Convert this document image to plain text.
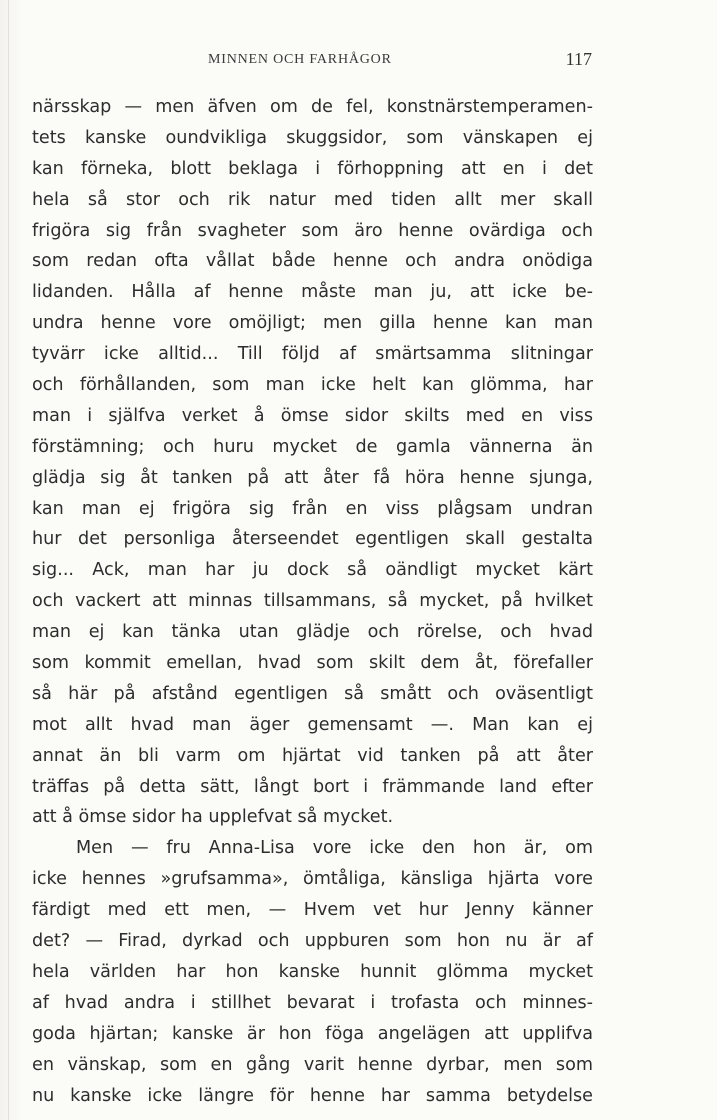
MINNEN OCH FARHÅGOR	117
närsskap — men äfven om de fel, konstnärstemperamen-
tets kanske oundvikliga skuggsidor, som vänskapen ej
kan förneka, blott beklaga i förhoppning att en i det
hela så stor och rik natur med tiden allt mer skall
frigöra sig från svagheter som äro henne ovärdiga och
som redan ofta vållat både henne och andra onödiga
lidanden. Hålla af henne måste man ju, att icke be-
undra henne vore omöjligt; men gilla henne kan man
tyvärr icke alltid... Till följd af smärtsamma slitningar
och förhållanden, som man icke helt kan glömma, har
man i själfva verket å ömse sidor skilts med en viss
förstämning; och huru mycket de gamla vännerna än
glädja sig åt tanken på att åter få höra henne sjunga,
kan man ej frigöra sig från en viss plågsam undran
hur det personliga återseendet egentligen skall gestalta
sig... Ack, man har ju dock så oändligt mycket kärt
och vackert att minnas tillsammans, så mycket, på hvilket
man ej kan tänka utan glädje och rörelse, och hvad
som kommit emellan, hvad som skilt dem åt, förefaller
så här på afstånd egentligen så smått och oväsentligt
mot allt hvad man äger gemensamt —. Man kan ej
annat än bli varm om hjärtat vid tanken på att åter
träffas på detta sätt, långt bort i främmande land efter
att å ömse sidor ha upplefvat så mycket.
Men — fru Anna-Lisa vore icke den hon är, om
icke hennes »grufsamma», ömtåliga, känsliga hjärta vore
färdigt med ett men, — Hvem vet hur Jenny känner
det? — Firad, dyrkad och uppburen som hon nu är af
hela världen har hon kanske hunnit glömma mycket
af hvad andra i stillhet bevarat i trofasta och minnes-
goda hjärtan; kanske är hon föga angelägen att upplifva
en vänskap, som en gång varit henne dyrbar, men som
nu kanske icke längre för henne har samma betydelse
